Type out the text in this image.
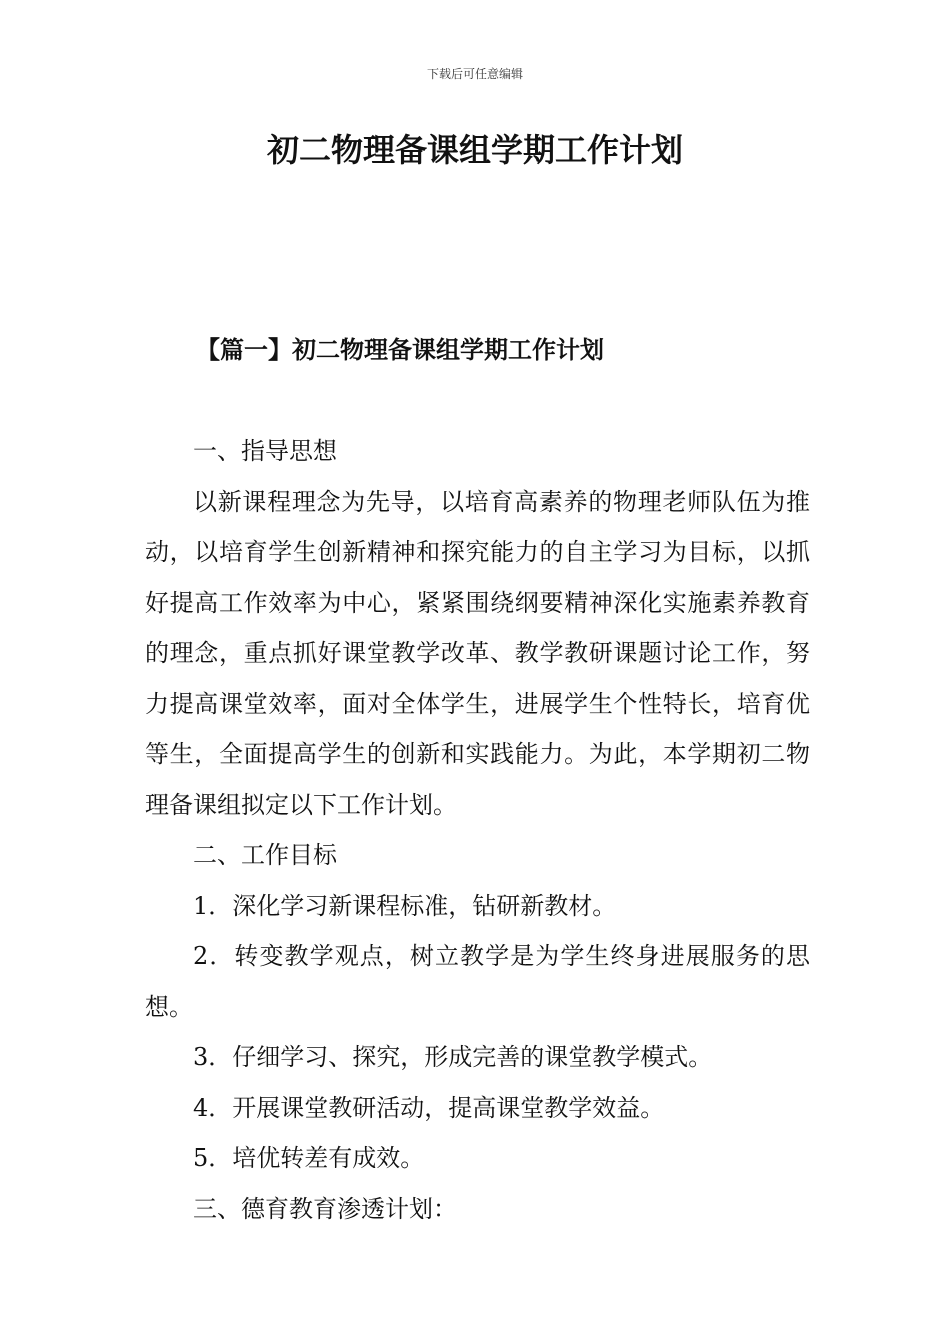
下载后可任意编辑
初二物理备课组学期工作计划
【篇一】初二物理备课组学期工作计划

一、指导思想

以新课程理念为先导，以培育高素养的物理老师队伍为推动，以培育学生创新精神和探究能力的自主学习为目标，以抓好提高工作效率为中心，紧紧围绕纲要精神深化实施素养教育的理念，重点抓好课堂教学改革、教学教研课题讨论工作，努力提高课堂效率，面对全体学生，进展学生个性特长，培育优等生，全面提高学生的创新和实践能力。为此，本学期初二物理备课组拟定以下工作计划。

二、工作目标

1．深化学习新课程标准，钻研新教材。

2．转变教学观点，树立教学是为学生终身进展服务的思想。

3．仔细学习、探究，形成完善的课堂教学模式。

4．开展课堂教研活动，提高课堂教学效益。

5．培优转差有成效。

三、德育教育渗透计划：
